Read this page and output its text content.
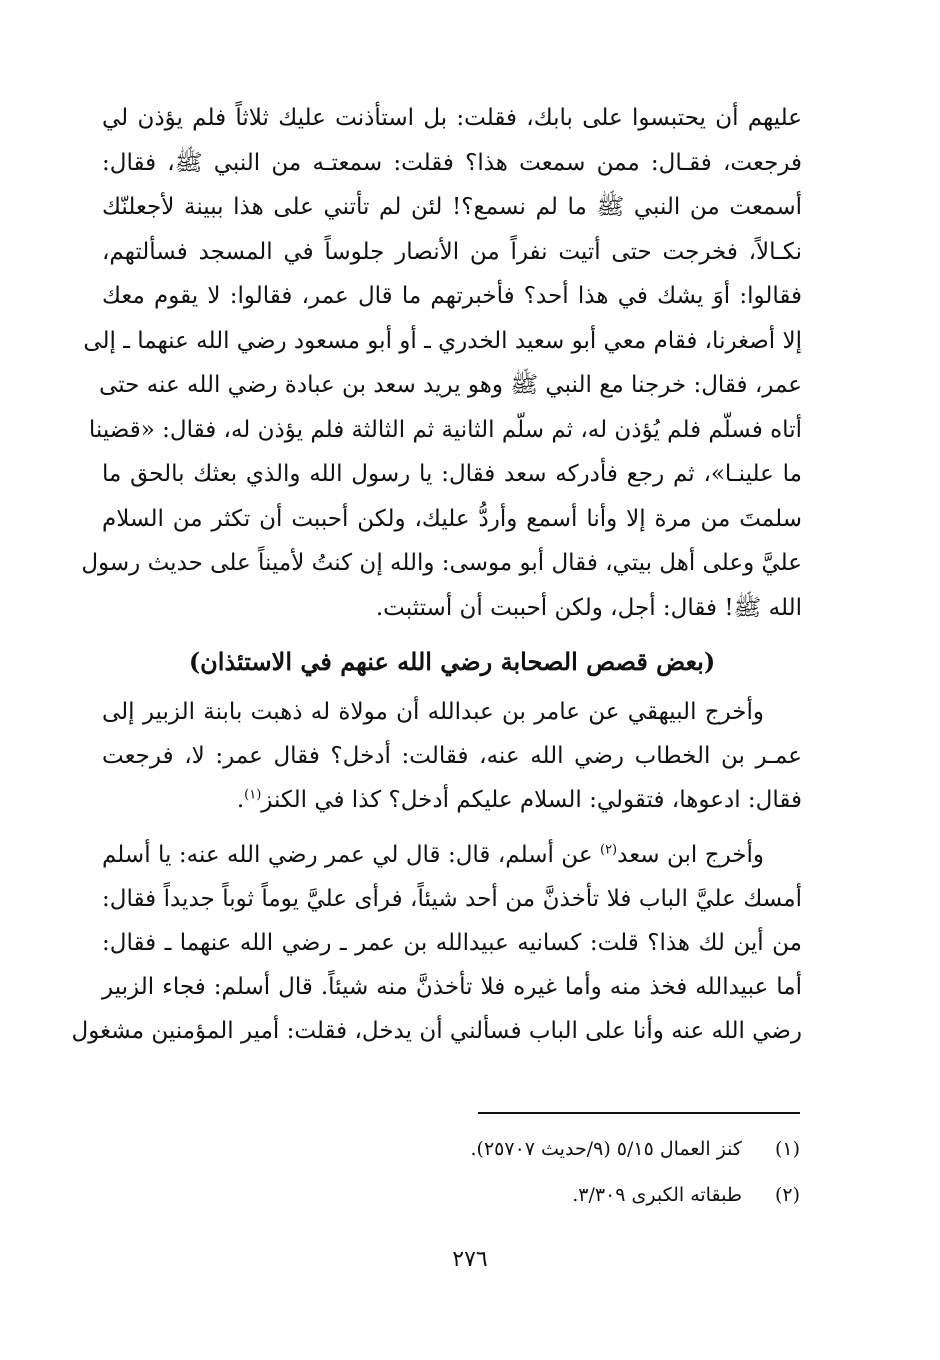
عليهم أن يحتبسوا على بابك، فقلت: بل استأذنت عليك ثلاثاً فلم يؤذن لي
فرجعت، فقـال: ممن سمعت هذا؟ فقلت: سمعتـه من النبي ﷺ، فقال:
أسمعت من النبي ﷺ ما لم نسمع؟! لئن لم تأتني على هذا ببينة لأجعلنّك
نكـالاً، فخرجت حتى أتيت نفراً من الأنصار جلوساً في المسجد فسألتهم،
فقالوا: أوَ يشك في هذا أحد؟ فأخبرتهم ما قال عمر، فقالوا: لا يقوم معك
إلا أصغرنا، فقام معي أبو سعيد الخدري ـ أو أبو مسعود رضي الله عنهما ـ إلى
عمر، فقال: خرجنا مع النبي ﷺ وهو يريد سعد بن عبادة رضي الله عنه حتى
أتاه فسلّم فلم يُؤذن له، ثم سلّم الثانية ثم الثالثة فلم يؤذن له، فقال: «قضينا
ما علينـا»، ثم رجع فأدركه سعد فقال: يا رسول الله والذي بعثك بالحق ما
سلمتَ من مرة إلا وأنا أسمع وأردُّ عليك، ولكن أحببت أن تكثر من السلام
عليَّ وعلى أهل بيتي، فقال أبو موسى: والله إن كنتُ لأميناً على حديث رسول
الله ﷺ! فقال: أجل، ولكن أحببت أن أستثبت.
(بعض قصص الصحابة رضي الله عنهم في الاستئذان)
وأخرج البيهقي عن عامر بن عبدالله أن مولاة له ذهبت بابنة الزبير إلى
عمـر بن الخطاب رضي الله عنه، فقالت: أدخل؟ فقال عمر: لا، فرجعت
فقال: ادعوها، فتقولي: السلام عليكم أدخل؟ كذا في الكنز$^{(١)}$.
وأخرج ابن سعد$^{(٢)}$ عن أسلم، قال: قال لي عمر رضي الله عنه: يا أسلم
أمسك عليَّ الباب فلا تأخذنَّ من أحد شيئاً، فرأى عليَّ يوماً ثوباً جديداً فقال:
من أين لك هذا؟ قلت: كسانيه عبيدالله بن عمر ـ رضي الله عنهما ـ فقال:
أما عبيدالله فخذ منه وأما غيره فلا تأخذنَّ منه شيئاً. قال أسلم: فجاء الزبير
رضي الله عنه وأنا على الباب فسألني أن يدخل، فقلت: أمير المؤمنين مشغول
(١) كنز العمال ٥/١٥ (٩/حديث ٢٥٧٠٧).
(٢) طبقاته الكبرى ٣/٣٠٩.
٢٧٦
